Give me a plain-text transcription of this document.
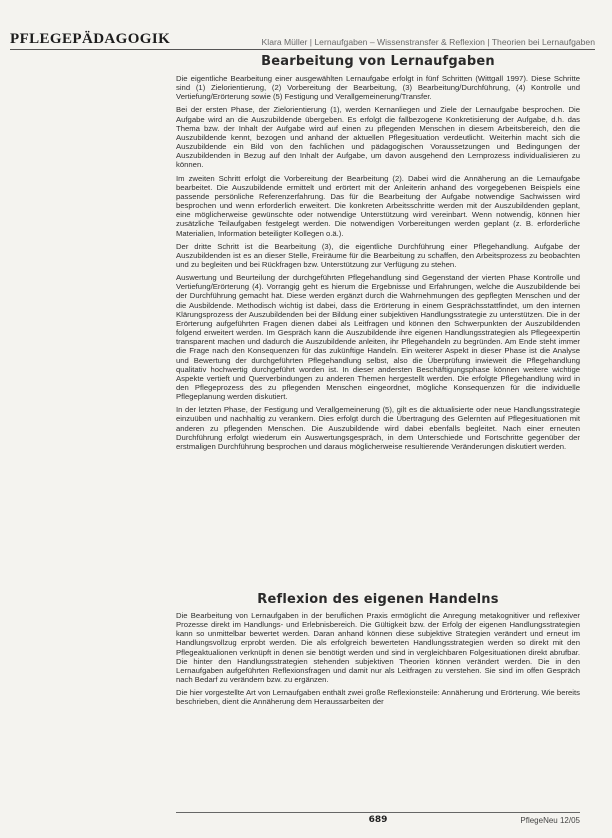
PFLEGEPÄDAGOGIK	Klara Müller | Lernaufgaben – Wissenstransfer & Reflexion | Theorien bei Lernaufgaben
Bearbeitung von Lernaufgaben

Die eigentliche Bearbeitung einer ausgewählten Lernaufgabe erfolgt in fünf Schritten (Wittgall 1997). Diese Schritte sind (1) Zielorientierung, (2) Vorbereitung der Bearbeitung, (3) Bearbeitung/Durchführung, (4) Kontrolle und Vertiefung/Erörterung sowie (5) Festigung und Verallgemeinerung/Transfer.

Bei der ersten Phase, der Zielorientierung (1), werden Kernanliegen und Ziele der Lernaufgabe besprochen. Die Aufgabe wird an die Auszubildende übergeben. Es erfolgt die fallbezogene Konkretisierung der Aufgabe, d.h. das Thema bzw. der Inhalt der Aufgabe wird auf einen zu pflegenden Menschen in diesem Arbeitsbereich, den die Auszubildende kennt, bezogen und anhand der aktuellen Pflegesituation verdeutlicht. Weiterhin macht sich die Auszubildende ein Bild von den fachlichen und pädagogischen Voraussetzungen und Bedingungen der Auszubildenden in Bezug auf den Inhalt der Aufgabe, um davon ausgehend den Lernprozess individualisieren zu können.

Im zweiten Schritt erfolgt die Vorbereitung der Bearbeitung (2). Dabei wird die Annäherung an die Lernaufgabe bearbeitet. Die Auszubildende ermittelt und erörtert mit der Anleiterin anhand des vorgegebenen Beispiels eine passende persönliche Referenzerfahrung. Das für die Bearbeitung der Aufgabe notwendige Sachwissen wird besprochen und wenn erforderlich erweitert. Die konkreten Arbeitsschritte werden mit der Auszubildenden geplant, eine möglicherweise gewünschte oder notwendige Unterstützung wird vereinbart. Wenn notwendig, können hier zusätzliche Teilaufgaben festgelegt werden. Die notwendigen Vorbereitungen werden geplant (z. B. erforderliche Materialien, Information beteiligter Kollegen o.ä.).

Der dritte Schritt ist die Bearbeitung (3), die eigentliche Durchführung einer Pflegehandlung. Aufgabe der Auszubildenden ist es an dieser Stelle, Freiräume für die Bearbeitung zu schaffen, den Arbeitsprozess zu beobachten und zu begleiten und bei Rückfragen bzw. Unterstützung zur Verfügung zu stehen.

Auswertung und Beurteilung der durchgeführten Pflegehandlung sind Gegenstand der vierten Phase Kontrolle und Vertiefung/Erörterung (4). Vorrangig geht es hierum die Ergebnisse und Erfahrungen, welche die Auszubildende bei der Durchführung gemacht hat. Diese werden ergänzt durch die Wahrnehmungen des gepflegten Menschen und der die Ausbildende. Methodisch wichtig ist dabei, dass die Erörterung in einem Gesprächsstattfindet, um den internen Klärungsprozess der Auszubildenden bei der Bildung einer subjektiven Handlungsstrategie zu unterstützen. Die in der Erörterung aufgeführten Fragen dienen dabei als Leitfragen und können den Schwerpunkten der Auszubildenden folgend erweitert werden. Im Gespräch kann die Auszubildende ihre eigenen Handlungsstrategien als Pflegeexpertin transparent machen und dadurch die Auszubildende anleiten, ihr Pflegehandeln zu begründen. Am Ende steht immer die Frage nach den Konsequenzen für das zukünftige Handeln. Ein weiterer Aspekt in dieser Phase ist die Analyse und Bewertung der durchgeführten Pflegehandlung selbst, also die Überprüfung inwieweit die Pflegehandlung qualitativ hochwertig durchgeführt worden ist. In dieser andersten Beschäftigungsphase können weitere wichtige Aspekte vertieft und Querverbindungen zu anderen Themen hergestellt werden. Die erfolgte Pflegehandlung wird in den Pflegeprozess des zu pflegenden Menschen eingeordnet, mögliche Konsequenzen für die individuelle Pflegeplanung werden diskutiert.

In der letzten Phase, der Festigung und Verallgemeinerung (5), gilt es die aktualisierte oder neue Handlungsstrategie einzuüben und nachhaltig zu verankern. Dies erfolgt durch die Übertragung des Gelernten auf Pflegesituationen mit anderen zu pflegenden Menschen. Die Auszubildende wird dabei ebenfalls begleitet. Nach einer erneuten Durchführung erfolgt wiederum ein Auswertungsgespräch, in dem Unterschiede und Fortschritte gegenüber der erstmaligen Durchführung besprochen und daraus möglicherweise resultierende Veränderungen diskutiert werden.

Reflexion des eigenen Handelns

Die Bearbeitung von Lernaufgaben in der beruflichen Praxis ermöglicht die Anregung metakognitiver und reflexiver Prozesse direkt im Handlungs- und Erlebnisbereich. Die Gültigkeit bzw. der Erfolg der eigenen Handlungsstrategien kann so unmittelbar bewertet werden. Daran anhand können diese subjektive Strategien verändert und erneut im Handlungsvollzug erprobt werden. Die als erfolgreich bewerteten Handlungsstrategien werden so direkt mit den Pflegeaktualionen verknüpft in denen sie benötigt werden und sind in vergleichbaren Folgesituationen direkt abrufbar. Die hinter den Handlungsstrategien stehenden subjektiven Theorien können verändert werden. Die in den Lernaufgaben aufgeführten Reflexionsfragen und damit nur als Leitfragen zu verstehen. Sie sind im offen Gespräch nach Bedarf zu verändern bzw. zu ergänzen.

Die hier vorgestellte Art von Lernaufgaben enthält zwei große Reflexionsteile: Annäherung und Erörterung. Wie bereits beschrieben, dient die Annäherung dem Heraussarbeiten der

689	PflegeNeu 12/05
